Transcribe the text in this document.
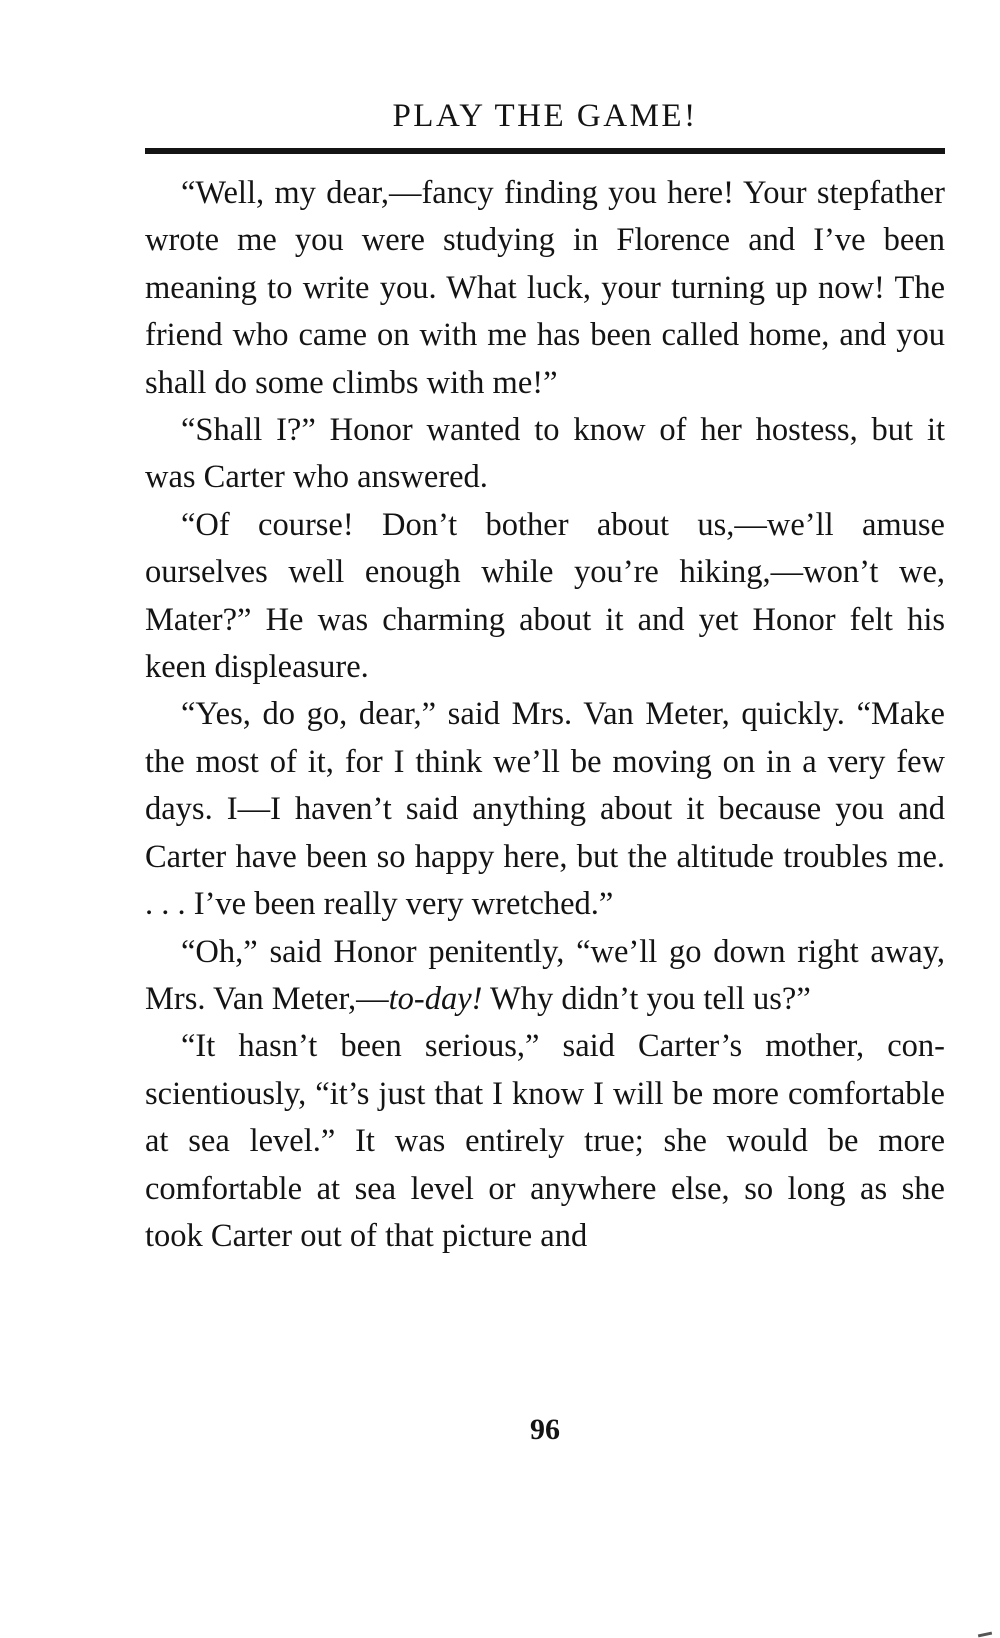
PLAY THE GAME!

“Well, my dear,—fancy finding you here! Your stepfather wrote me you were studying in Florence and I’ve been meaning to write you. What luck, your turning up now! The friend who came on with me has been called home, and you shall do some climbs with me!”

“Shall I?” Honor wanted to know of her hostess, but it was Carter who answered.

“Of course! Don’t bother about us,—we’ll amuse ourselves well enough while you’re hiking,—won’t we, Mater?” He was charming about it and yet Honor felt his keen displeasure.

“Yes, do go, dear,” said Mrs. Van Meter, quickly. “Make the most of it, for I think we’ll be moving on in a very few days. I—I haven’t said anything about it because you and Carter have been so happy here, but the altitude troubles me. . . . I’ve been really very wretched.”

“Oh,” said Honor penitently, “we’ll go down right away, Mrs. Van Meter,—to-day! Why didn’t you tell us?”

“It hasn’t been serious,” said Carter’s mother, conscientiously, “it’s just that I know I will be more comfortable at sea level.” It was entirely true; she would be more comfortable at sea level or anywhere else, so long as she took Carter out of that picture and

96
